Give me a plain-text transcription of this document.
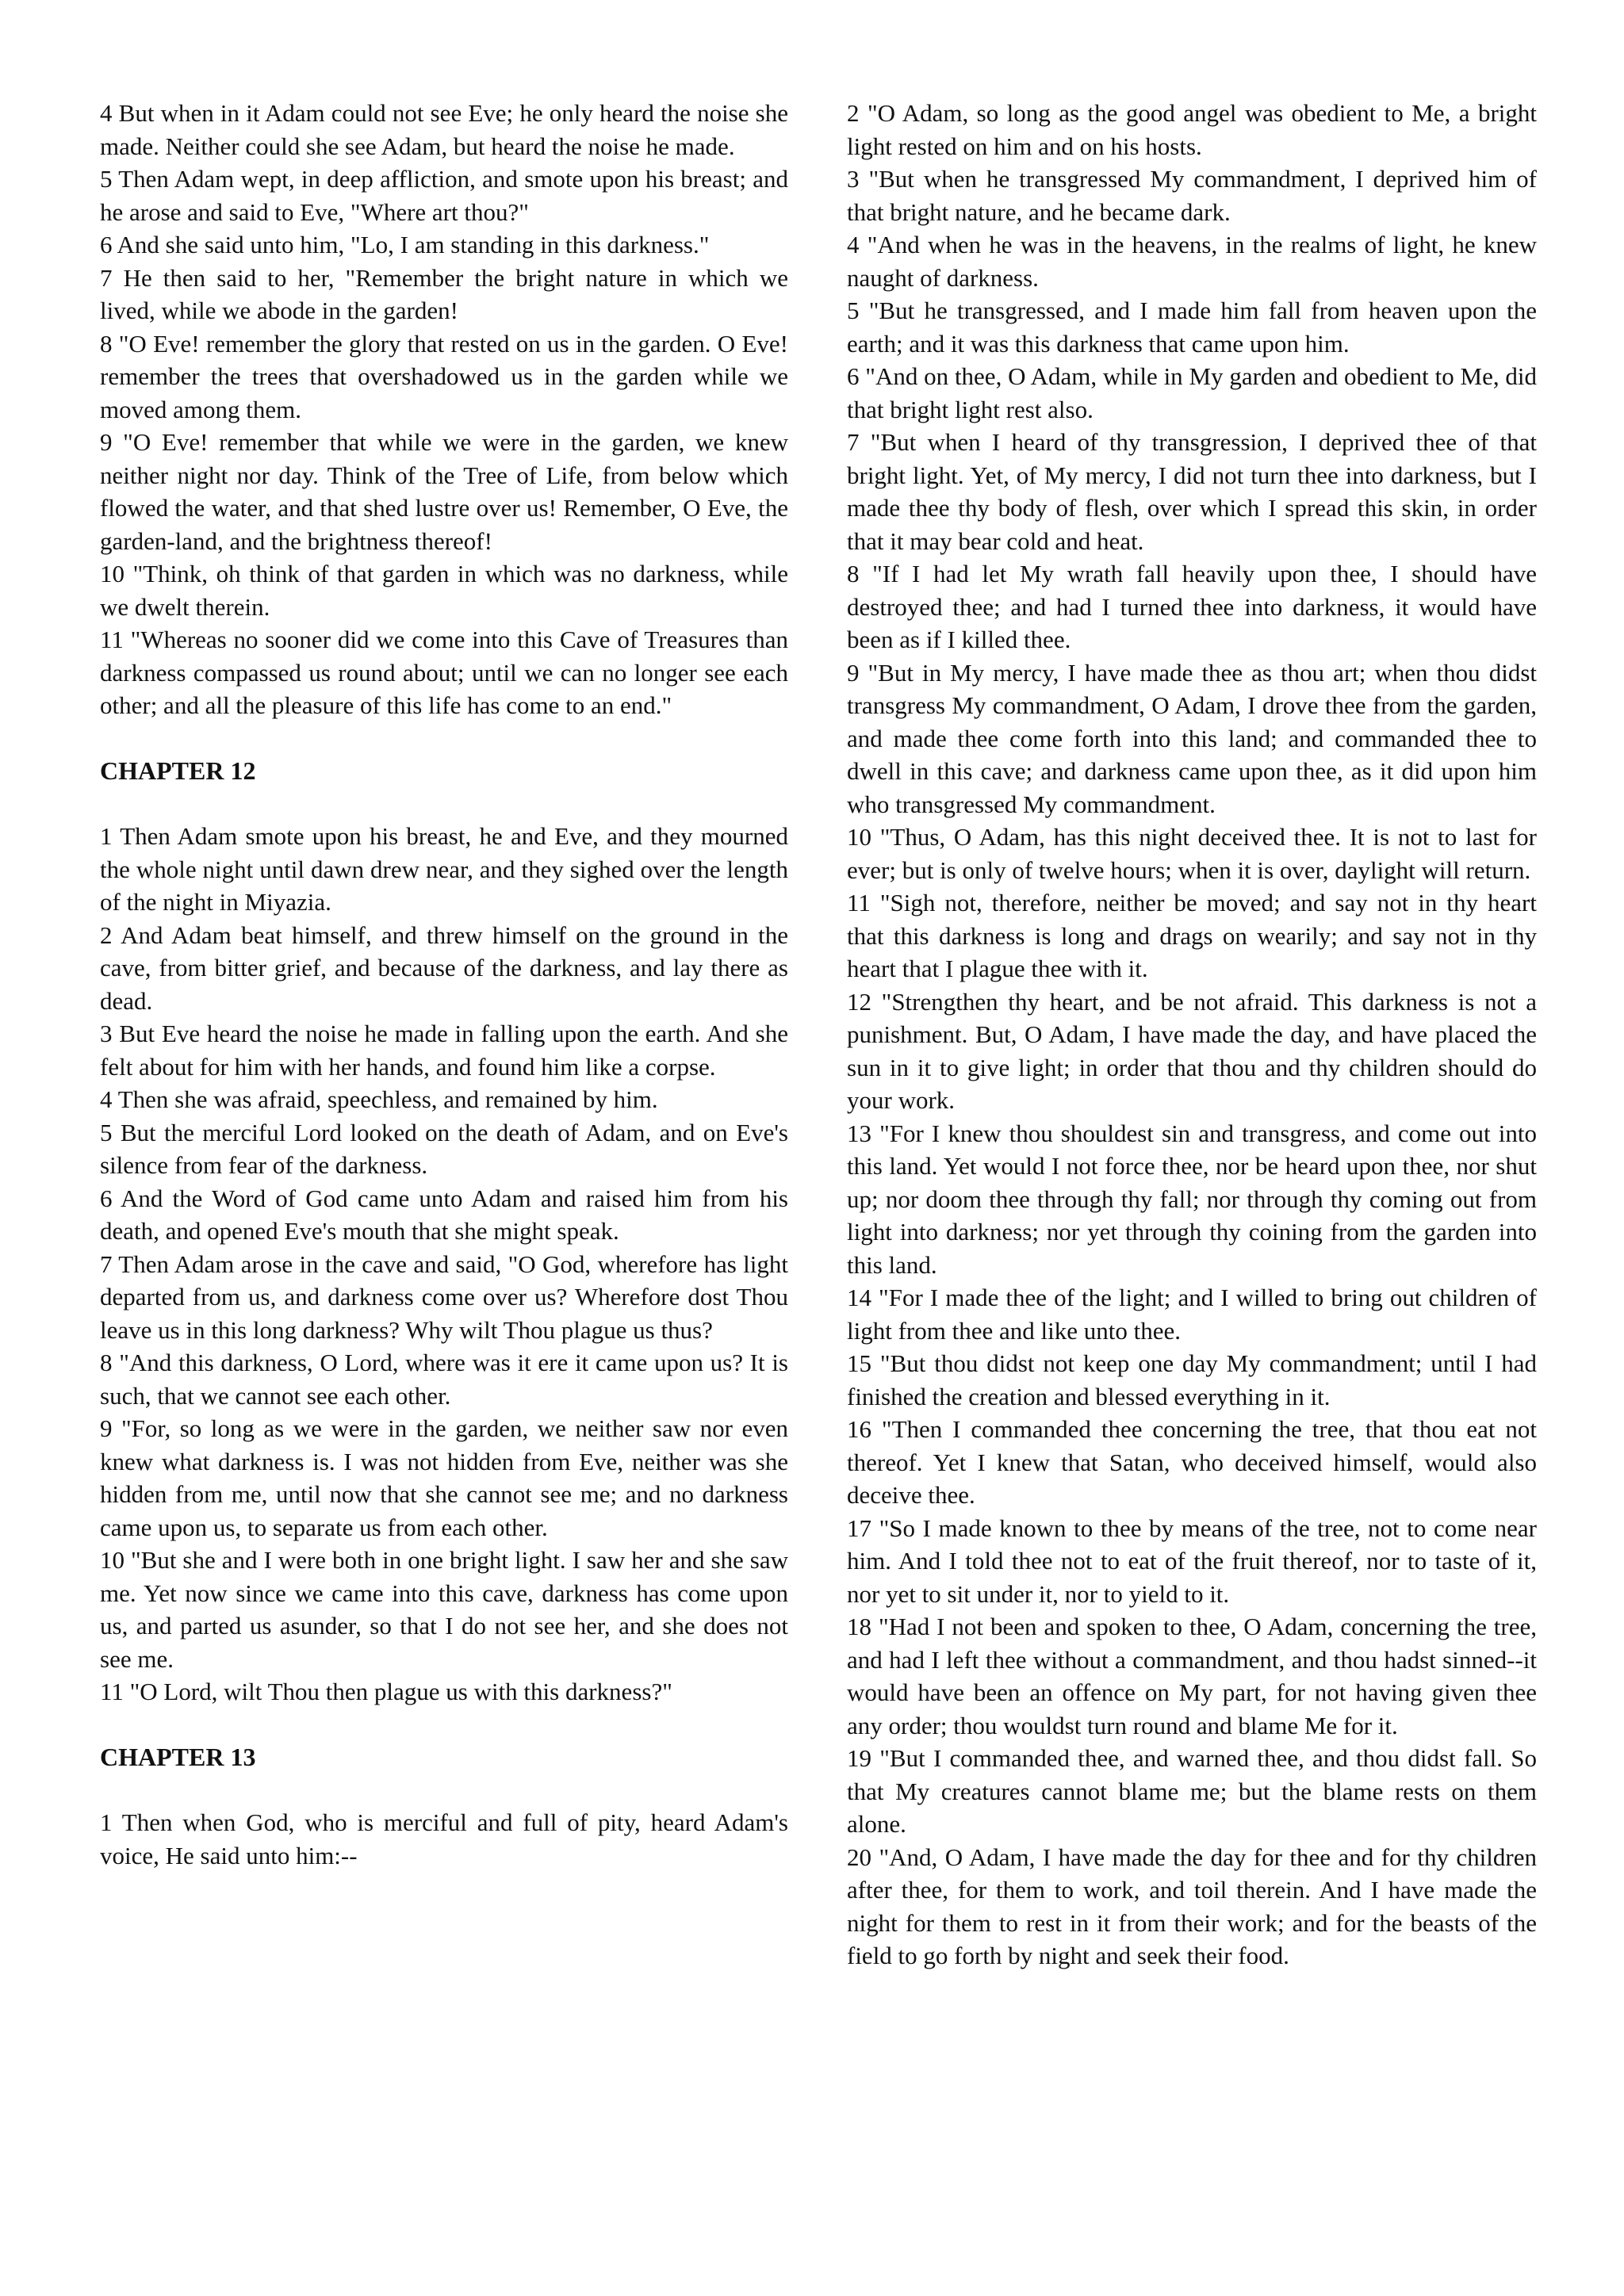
4 But when in it Adam could not see Eve; he only heard the noise she made. Neither could she see Adam, but heard the noise he made.

5 Then Adam wept, in deep affliction, and smote upon his breast; and he arose and said to Eve, "Where art thou?"

6 And she said unto him, "Lo, I am standing in this darkness."

7 He then said to her, "Remember the bright nature in which we lived, while we abode in the garden!

8 "O Eve! remember the glory that rested on us in the garden. O Eve! remember the trees that overshadowed us in the garden while we moved among them.

9 "O Eve! remember that while we were in the garden, we knew neither night nor day. Think of the Tree of Life, from below which flowed the water, and that shed lustre over us! Remember, O Eve, the garden-land, and the brightness thereof!

10 "Think, oh think of that garden in which was no darkness, while we dwelt therein.

11 "Whereas no sooner did we come into this Cave of Treasures than darkness compassed us round about; until we can no longer see each other; and all the pleasure of this life has come to an end."

CHAPTER 12

1 Then Adam smote upon his breast, he and Eve, and they mourned the whole night until dawn drew near, and they sighed over the length of the night in Miyazia.

2 And Adam beat himself, and threw himself on the ground in the cave, from bitter grief, and because of the darkness, and lay there as dead.

3 But Eve heard the noise he made in falling upon the earth. And she felt about for him with her hands, and found him like a corpse.

4 Then she was afraid, speechless, and remained by him.

5 But the merciful Lord looked on the death of Adam, and on Eve's silence from fear of the darkness.

6 And the Word of God came unto Adam and raised him from his death, and opened Eve's mouth that she might speak.

7 Then Adam arose in the cave and said, "O God, wherefore has light departed from us, and darkness come over us? Wherefore dost Thou leave us in this long darkness? Why wilt Thou plague us thus?

8 "And this darkness, O Lord, where was it ere it came upon us? It is such, that we cannot see each other.

9 "For, so long as we were in the garden, we neither saw nor even knew what darkness is. I was not hidden from Eve, neither was she hidden from me, until now that she cannot see me; and no darkness came upon us, to separate us from each other.

10 "But she and I were both in one bright light. I saw her and she saw me. Yet now since we came into this cave, darkness has come upon us, and parted us asunder, so that I do not see her, and she does not see me.

11 "O Lord, wilt Thou then plague us with this darkness?"

CHAPTER 13

1 Then when God, who is merciful and full of pity, heard Adam's voice, He said unto him:--

2 "O Adam, so long as the good angel was obedient to Me, a bright light rested on him and on his hosts.

3 "But when he transgressed My commandment, I deprived him of that bright nature, and he became dark.

4 "And when he was in the heavens, in the realms of light, he knew naught of darkness.

5 "But he transgressed, and I made him fall from heaven upon the earth; and it was this darkness that came upon him.

6 "And on thee, O Adam, while in My garden and obedient to Me, did that bright light rest also.

7 "But when I heard of thy transgression, I deprived thee of that bright light. Yet, of My mercy, I did not turn thee into darkness, but I made thee thy body of flesh, over which I spread this skin, in order that it may bear cold and heat.

8 "If I had let My wrath fall heavily upon thee, I should have destroyed thee; and had I turned thee into darkness, it would have been as if I killed thee.

9 "But in My mercy, I have made thee as thou art; when thou didst transgress My commandment, O Adam, I drove thee from the garden, and made thee come forth into this land; and commanded thee to dwell in this cave; and darkness came upon thee, as it did upon him who transgressed My commandment.

10 "Thus, O Adam, has this night deceived thee. It is not to last for ever; but is only of twelve hours; when it is over, daylight will return.

11 "Sigh not, therefore, neither be moved; and say not in thy heart that this darkness is long and drags on wearily; and say not in thy heart that I plague thee with it.

12 "Strengthen thy heart, and be not afraid. This darkness is not a punishment. But, O Adam, I have made the day, and have placed the sun in it to give light; in order that thou and thy children should do your work.

13 "For I knew thou shouldest sin and transgress, and come out into this land. Yet would I not force thee, nor be heard upon thee, nor shut up; nor doom thee through thy fall; nor through thy coming out from light into darkness; nor yet through thy coining from the garden into this land.

14 "For I made thee of the light; and I willed to bring out children of light from thee and like unto thee.

15 "But thou didst not keep one day My commandment; until I had finished the creation and blessed everything in it.

16 "Then I commanded thee concerning the tree, that thou eat not thereof. Yet I knew that Satan, who deceived himself, would also deceive thee.

17 "So I made known to thee by means of the tree, not to come near him. And I told thee not to eat of the fruit thereof, nor to taste of it, nor yet to sit under it, nor to yield to it.

18 "Had I not been and spoken to thee, O Adam, concerning the tree, and had I left thee without a commandment, and thou hadst sinned--it would have been an offence on My part, for not having given thee any order; thou wouldst turn round and blame Me for it.

19 "But I commanded thee, and warned thee, and thou didst fall. So that My creatures cannot blame me; but the blame rests on them alone.

20 "And, O Adam, I have made the day for thee and for thy children after thee, for them to work, and toil therein. And I have made the night for them to rest in it from their work; and for the beasts of the field to go forth by night and seek their food.
